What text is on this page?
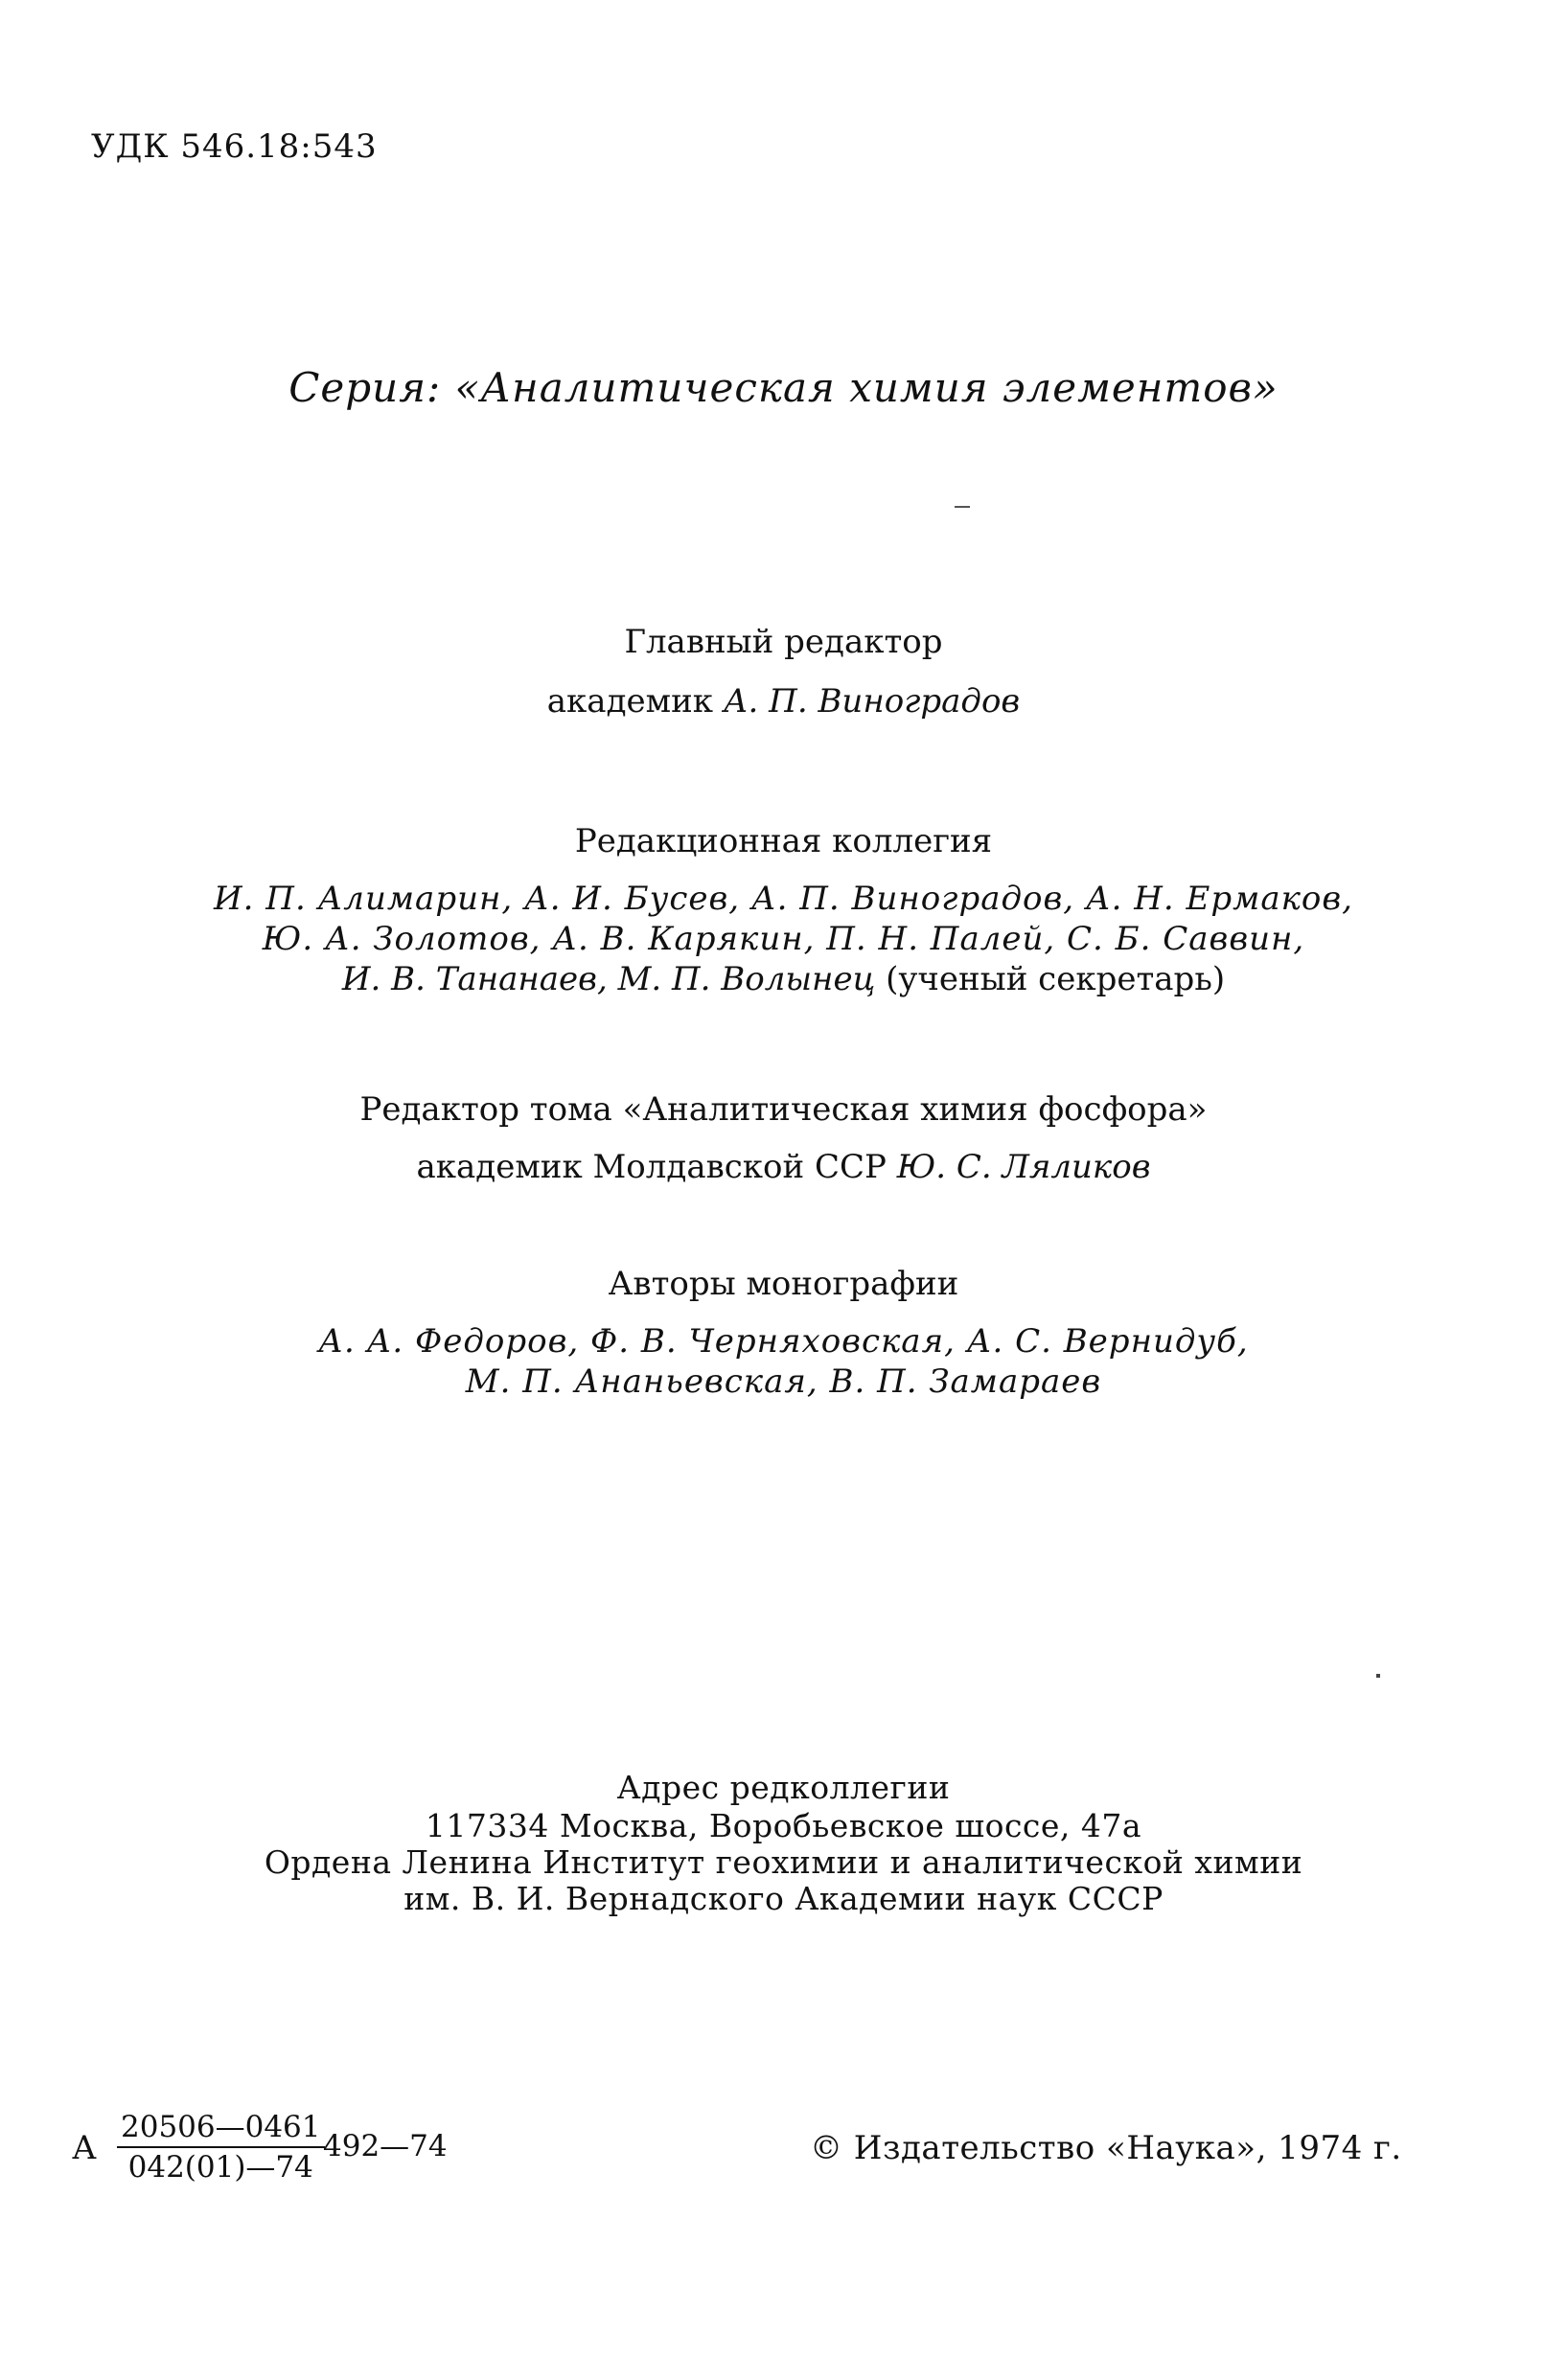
УДК 546.18:543
Серия: «Аналитическая химия элементов»
Главный редактор
академик А. П. Виноградов
Редакционная коллегия
И. П. Алимарин, А. И. Бусев, А. П. Виноградов, А. Н. Ермаков,
Ю. А. Золотов, А. В. Карякин, П. Н. Палей, С. Б. Саввин,
И. В. Тананаев, М. П. Волынец (ученый секретарь)
Редактор тома «Аналитическая химия фосфора»
академик Молдавской ССР Ю. С. Ляликов
Авторы монографии
А. А. Федоров, Ф. В. Черняховская, А. С. Вернидуб,
М. П. Ананьевская, В. П. Замараев
Адрес редколлегии
117334 Москва, Воробьевское шоссе, 47а
Ордена Ленина Институт геохимии и аналитической химии
им. В. И. Вернадского Академии наук СССР
А $\frac{20506—0461}{042(01)—74}$
492—74	© Издательство «Наука», 1974 г.
